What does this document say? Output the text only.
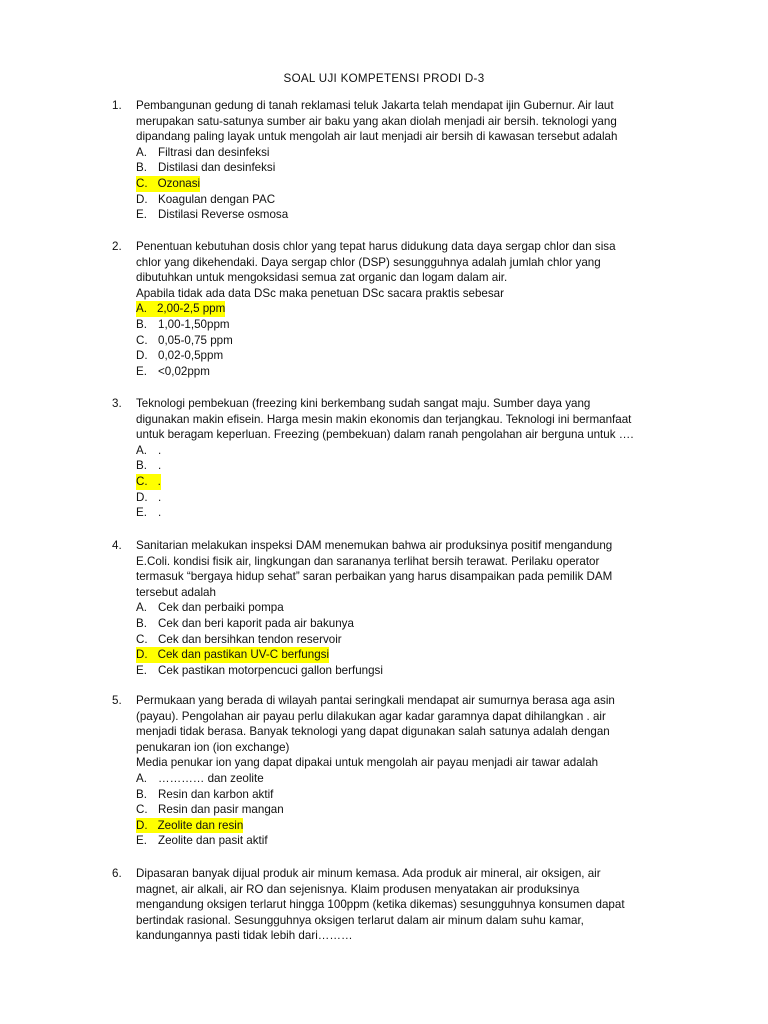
SOAL UJI KOMPETENSI PRODI D-3
1. Pembangunan gedung di tanah reklamasi teluk Jakarta telah mendapat ijin Gubernur. Air laut
merupakan satu-satunya sumber air baku yang akan diolah menjadi air bersih. teknologi yang
dipandang paling layak untuk mengolah air laut menjadi air bersih di kawasan tersebut adalah
A. Filtrasi dan desinfeksi
B. Distilasi dan desinfeksi
C. Ozonasi
D. Koagulan dengan PAC
E. Distilasi Reverse osmosa
2. Penentuan kebutuhan dosis chlor yang tepat harus didukung data daya sergap chlor dan sisa
chlor yang dikehendaki. Daya sergap chlor (DSP) sesungguhnya adalah jumlah chlor yang
dibutuhkan untuk mengoksidasi semua zat organic dan logam dalam air.
Apabila tidak ada data DSc maka penetuan DSc sacara praktis sebesar
A. 2,00-2,5 ppm
B. 1,00-1,50ppm
C. 0,05-0,75 ppm
D. 0,02-0,5ppm
E. <0,02ppm
3. Teknologi pembekuan (freezing kini berkembang sudah sangat maju. Sumber daya yang
digunakan makin efisein. Harga mesin makin ekonomis dan terjangkau. Teknologi ini bermanfaat
untuk beragam keperluan. Freezing (pembekuan) dalam ranah pengolahan air berguna untuk ….
A. .
B. .
C. .
D. .
E. .
4. Sanitarian melakukan inspeksi DAM menemukan bahwa air produksinya positif mengandung
E.Coli. kondisi fisik air, lingkungan dan sarananya terlihat bersih terawat. Perilaku operator
termasuk “bergaya hidup sehat” saran perbaikan yang harus disampaikan pada pemilik DAM
tersebut adalah
A. Cek dan perbaiki pompa
B. Cek dan beri kaporit pada air bakunya
C. Cek dan bersihkan tendon reservoir
D. Cek dan pastikan UV-C berfungsi
E. Cek pastikan motorpencuci gallon berfungsi
5. Permukaan yang berada di wilayah pantai seringkali mendapat air sumurnya berasa aga asin
(payau). Pengolahan air payau perlu dilakukan agar kadar garamnya dapat dihilangkan . air
menjadi tidak berasa. Banyak teknologi yang dapat digunakan salah satunya adalah dengan
penukaran ion (ion exchange)
Media penukar ion yang dapat dipakai untuk mengolah air payau menjadi air tawar adalah
A. ………… dan zeolite
B. Resin dan karbon aktif
C. Resin dan pasir mangan
D. Zeolite dan resin
E. Zeolite dan pasit aktif
6. Dipasaran banyak dijual produk air minum kemasa. Ada produk air mineral, air oksigen, air
magnet, air alkali, air RO dan sejenisnya. Klaim produsen menyatakan air produksinya
mengandung oksigen terlarut hingga 100ppm (ketika dikemas) sesungguhnya konsumen dapat
bertindak rasional. Sesungguhnya oksigen terlarut dalam air minum dalam suhu kamar,
kandungannya pasti tidak lebih dari………
